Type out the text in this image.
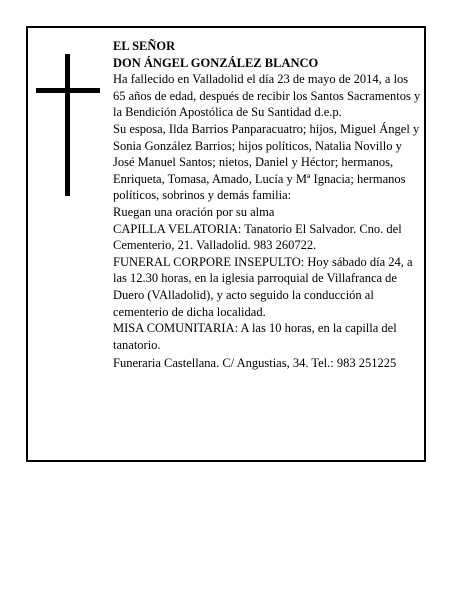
EL SEÑOR

DON ÁNGEL GONZÁLEZ BLANCO

Ha fallecido en Valladolid el día 23 de mayo de 2014, a los 65 años de edad, después de recibir los Santos Sacramentos y la Bendición Apostólica de Su Santidad d.e.p.

Su esposa, Ilda Barrios Panparacuatro; hijos, Miguel Ángel y Sonia González Barrios; hijos políticos, Natalia Novillo y José Manuel Santos; nietos, Daniel y Héctor; hermanos, Enriqueta, Tomasa, Amado, Lucía y Mª Ignacia; hermanos políticos, sobrinos y demás familia:

Ruegan una oración por su alma

CAPILLA VELATORIA: Tanatorio El Salvador. Cno. del Cementerio, 21. Valladolid. 983 260722.

FUNERAL CORPORE INSEPULTO: Hoy sábado día 24, a las 12.30 horas, en la iglesia parroquial de Villafranca de Duero (VAlladolid), y acto seguido la conducción al cementerio de dicha localidad.

MISA COMUNITARIA: A las 10 horas, en la capilla del tanatorio.

Funeraria Castellana. C/ Angustias, 34. Tel.: 983 251225
